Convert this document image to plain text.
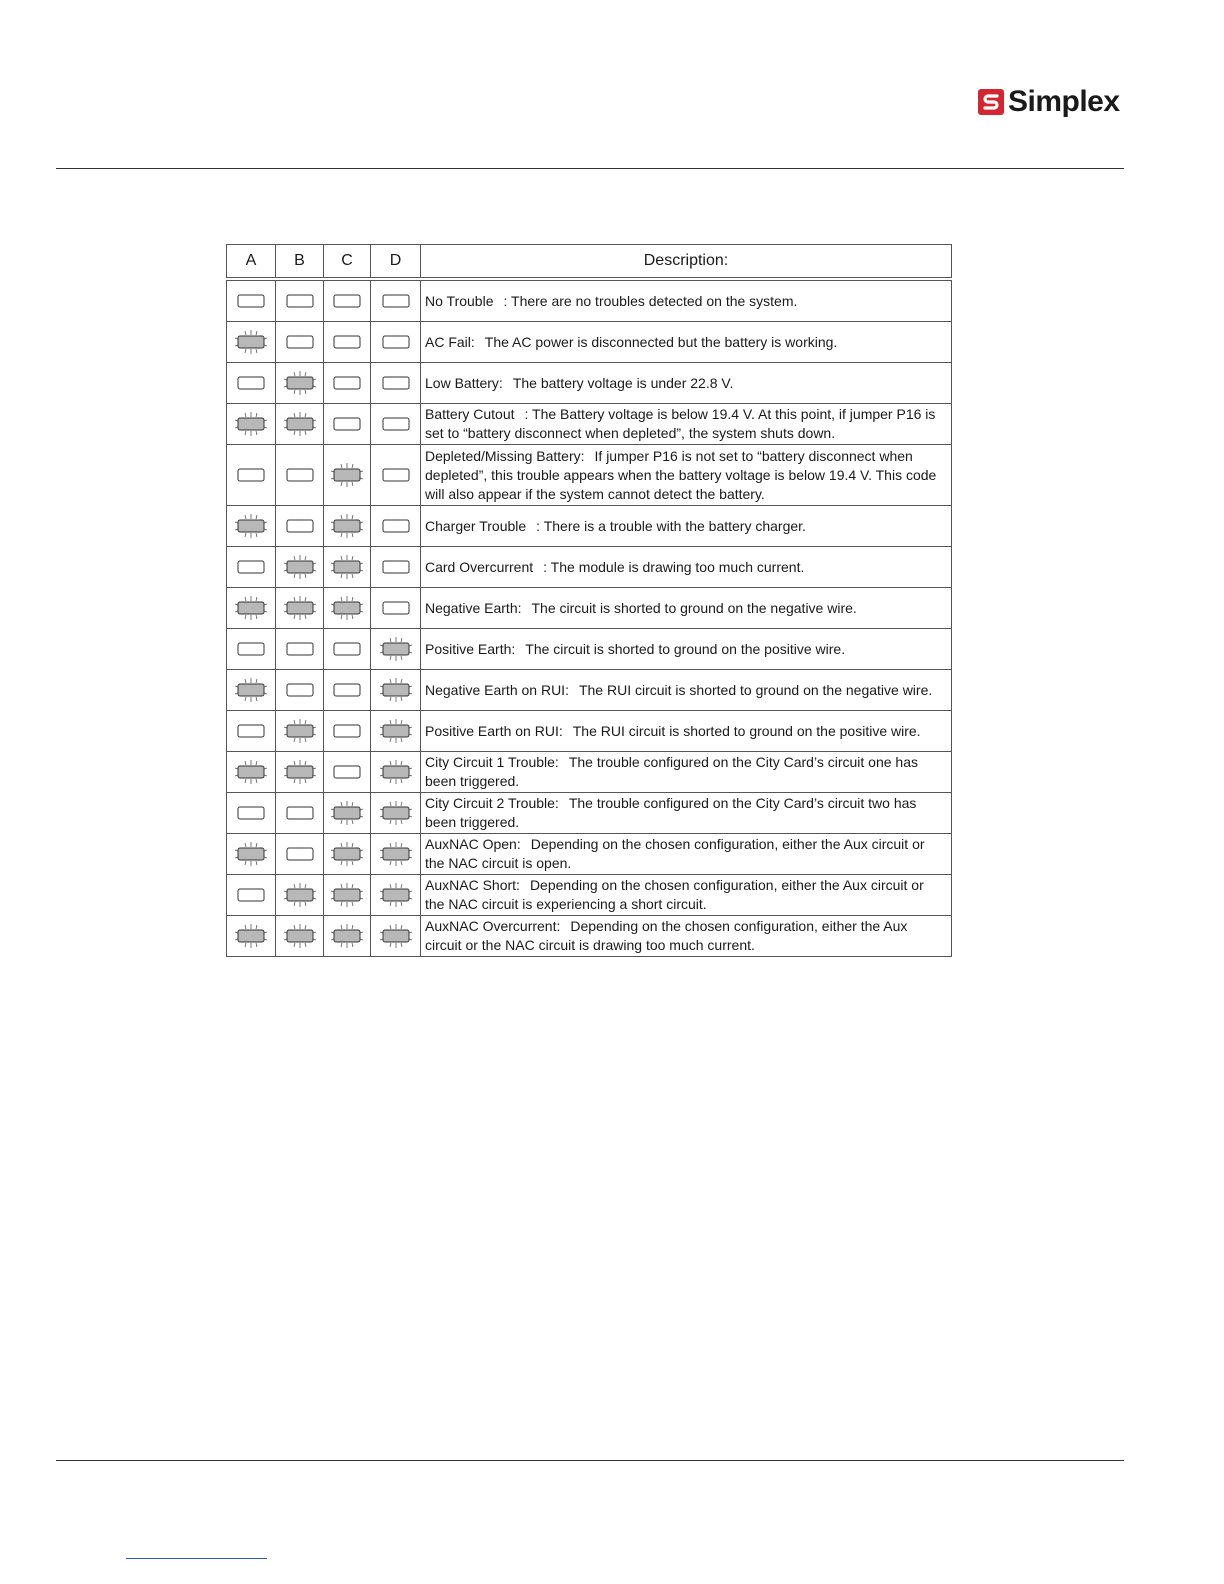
Simplex
A	B	C	D	Description:

	No Trouble : There are no troubles detected on the system.

	AC Fail: The AC power is disconnected but the battery is working.

	Low Battery: The battery voltage is under 22.8 V.

	Battery Cutout : The Battery voltage is below 19.4 V. At this point, if jumper P16 is set to “battery disconnect when depleted”, the system shuts down.

	Depleted/Missing Battery: If jumper P16 is not set to “battery disconnect when depleted”, this trouble appears when the battery voltage is below 19.4 V. This code will also appear if the system cannot detect the battery.

	Charger Trouble : There is a trouble with the battery charger.

	Card Overcurrent : The module is drawing too much current.

	Negative Earth: The circuit is shorted to ground on the negative wire.

	Positive Earth: The circuit is shorted to ground on the positive wire.

	Negative Earth on RUI: The RUI circuit is shorted to ground on the negative wire.

	Positive Earth on RUI: The RUI circuit is shorted to ground on the positive wire.

	City Circuit 1 Trouble: The trouble configured on the City Card’s circuit one has been triggered.

	City Circuit 2 Trouble: The trouble configured on the City Card’s circuit two has been triggered.

	AuxNAC Open: Depending on the chosen configuration, either the Aux circuit or the NAC circuit is open.

	AuxNAC Short: Depending on the chosen configuration, either the Aux circuit or the NAC circuit is experiencing a short circuit.

	AuxNAC Overcurrent: Depending on the chosen configuration, either the Aux circuit or the NAC circuit is drawing too much current.
